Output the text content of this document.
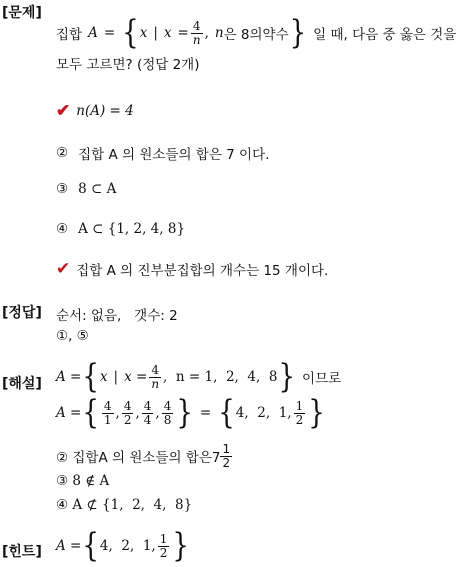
[문제]
집합 A = { x | $x = \frac{4}{n}$ , n 은 8의약수 } 일 때, 다음 중 옳은 것을
모두 고르면? (정답 2개)
✔ n(A) = 4
② 집합 A 의 원소들의 합은 7 이다.
③ 8 ⊂ A
④ A ⊂ {1, 2, 4, 8}
✔ 집합 A 의 진부분집합의 개수는 15 개이다.
[정답] 순서: 없음,   갯수: 2
①, ⑤
[해설] A = { x | $x = \frac{4}{n}$ ,  n = 1,  2,  4,  8 } 이므로
A = { $\frac{4}{1}$ , $\frac{4}{2}$ , $\frac{4}{4}$ , $\frac{4}{8}$ } = { 4,  2,  1, $\frac{1}{2}$ }
② 집합A 의 원소들의 합은$7 \frac{1}{2}$
③ 8 ∉ A
④ A ⊄ {1,  2,  4,  8}
[힌트] A = { 4,  2,  1, $\frac{1}{2}$ }
